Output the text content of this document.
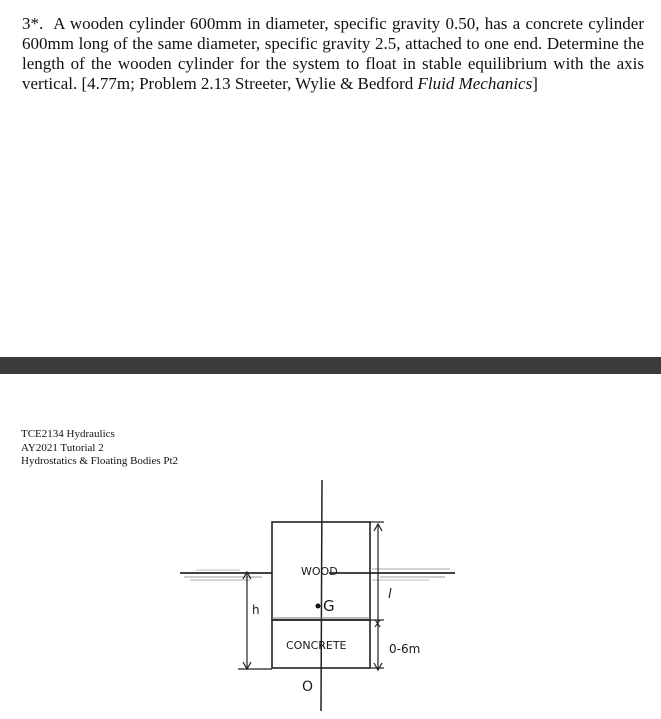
3*. A wooden cylinder 600mm in diameter, specific gravity 0.50, has a concrete cylinder 600mm long of the same diameter, specific gravity 2.5, attached to one end. Determine the length of the wooden cylinder for the system to float in stable equilibrium with the axis vertical. [4.77m; Problem 2.13 Streeter, Wylie & Bedford Fluid Mechanics]

TCE2134 Hydraulics
AY2021 Tutorial 2
Hydrostatics & Floating Bodies Pt2
WOOD
G
CONCRETE
O
h
l
x
0-6m
